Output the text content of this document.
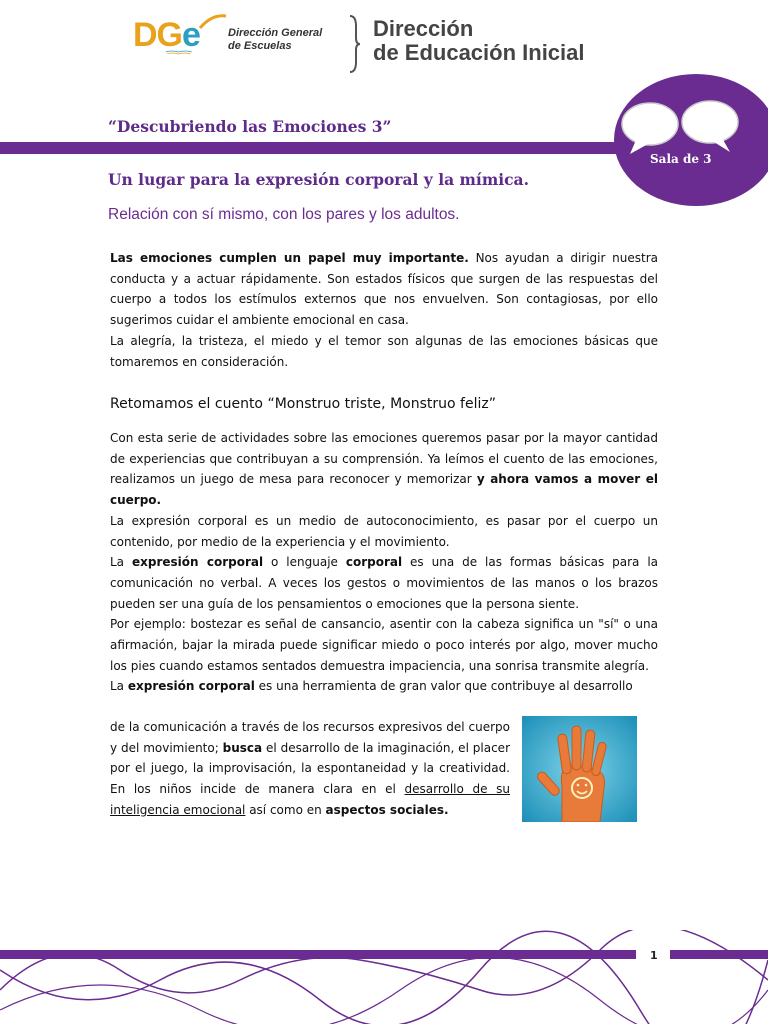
DGe	Dirección General
de Escuelas
Dirección
de Educación Inicial
Sala de 3
“Descubriendo las Emociones 3”
Un lugar para la expresión corporal y la mímica.
Relación con sí mismo, con los pares y los adultos.

Las emociones cumplen un papel muy importante. Nos ayudan a dirigir nuestra conducta y a actuar rápidamente. Son estados físicos que surgen de las respuestas del cuerpo a todos los estímulos externos que nos envuelven. Son contagiosas, por ello sugerimos cuidar el ambiente emocional en casa.
La alegría, la tristeza, el miedo y el temor son algunas de las emociones básicas que tomaremos en consideración.

Retomamos el cuento “Monstruo triste, Monstruo feliz”

Con esta serie de actividades sobre las emociones queremos pasar por la mayor cantidad de experiencias que contribuyan a su comprensión. Ya leímos el cuento de las emociones, realizamos un juego de mesa para reconocer y memorizar y ahora vamos a mover el cuerpo.
La expresión corporal es un medio de autoconocimiento, es pasar por el cuerpo un contenido, por medio de la experiencia y el movimiento.
La expresión corporal o lenguaje corporal es una de las formas básicas para la comunicación no verbal. A veces los gestos o movimientos de las manos o los brazos pueden ser una guía de los pensamientos o emociones que la persona siente.
Por ejemplo: bostezar es señal de cansancio, asentir con la cabeza significa un "sí" o una afirmación, bajar la mirada puede significar miedo o poco interés por algo, mover mucho los pies cuando estamos sentados demuestra impaciencia, una sonrisa transmite alegría.
La expresión corporal es una herramienta de gran valor que contribuye al desarrollo

de la comunicación a través de los recursos expresivos del cuerpo y del movimiento; busca el desarrollo de la imaginación, el placer por el juego, la improvisación, la espontaneidad y la creatividad. En los niños incide de manera clara en el desarrollo de su inteligencia emocional así como en aspectos sociales.

1
